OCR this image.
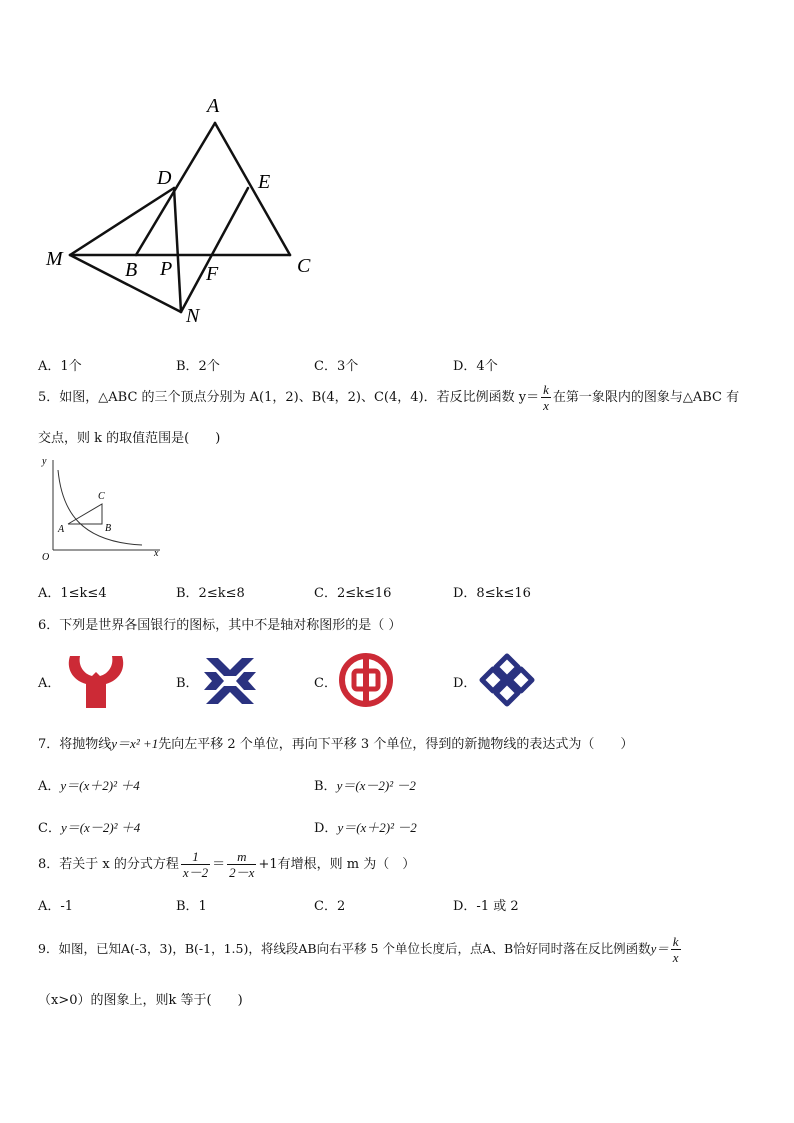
A
D	E
M	B P F	C
N
A．1个	B．2个	C．3个	D．4个
5．如图，△ABC 的三个顶点分别为 A(1，2)、B(4，2)、C(4，4)．若反比例函数 $y= \frac{k}{x}$ 在第一象限内的图象与△ABC 有
交点，则 k 的取值范围是(　　)
y
x
O
A	B
C
A．1≤k≤4	B．2≤k≤8	C．2≤k≤16	D．8≤k≤16
6．下列是世界各国银行的图标，其中不是轴对称图形的是（ ）
A．	B．	C．	D．
7．将抛物线y＝x² +1先向左平移 2 个单位，再向下平移 3 个单位，得到的新抛物线的表达式为（　　）
A．y＝(x＋2)² ＋4	B．y＝(x－2)² －2
C．y＝(x－2)² ＋4	D．y＝(x＋2)² －2
8．若关于 x 的分式方程 $\frac{1}{x-2} = \frac{m}{2-x} +1$有增根，则 m 为（　）
A．-1	B．1	C．2	D．-1 或 2
9．如图，已知A(-3，3)，B(-1，1.5)，将线段AB向右平移 5 个单位长度后，点A、B恰好同时落在反比例函数$y= \frac{k}{x}$
（x>0）的图象上，则k 等于(　　)
